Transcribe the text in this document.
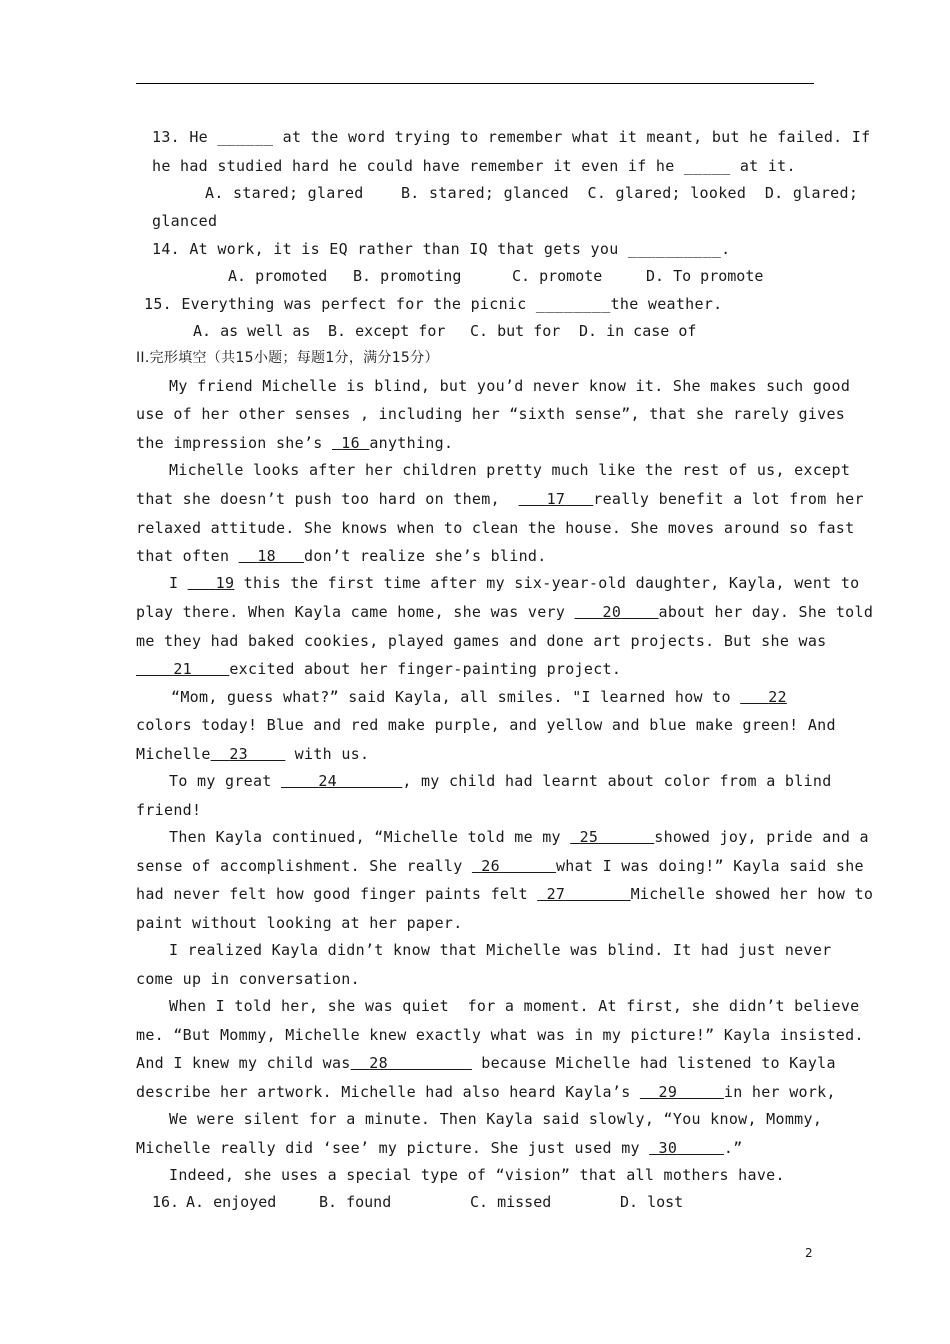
13. He ______ at the word trying to remember what it meant, but he failed. If
he had studied hard he could have remember it even if he _____ at it.
A. stared; glared    B. stared; glanced  C. glared; looked  D. glared;
glanced
14. At work, it is EQ rather than IQ that gets you __________.
A. promoted B. promoting	C. promote	D. To promote
15. Everything was perfect for the picnic ________the weather.
A. as well as B. except for C. but for D. in case of
II.完形填空（共15小题；每题1分，满分15分）
My friend Michelle is blind, but you’d never know it. She makes such good
use of her other senses , including her “sixth sense”, that she rarely gives
the impression she’s  16 anything.
Michelle looks after her children pretty much like the rest of us, except
that she doesn’t push too hard on them,     17 really benefit a lot from her
relaxed attitude. She knows when to clean the house. She moves around so fast
that often   18 don’t realize she’s blind.
I    19 this the first time after my six-year-old daughter, Kayla, went to
play there. When Kayla came home, she was very    20 about her day. She told
me they had baked cookies, played games and done art projects. But she was
21 excited about her finger-painting project.
“Mom, guess what?” said Kayla, all smiles. "I learned how to    22
colors today! Blue and red make purple, and yellow and blue make green! And
Michelle 23     with us.
To my great     24	, my child had learnt about color from a blind
friend!
Then Kayla continued, “Michelle told me my  25	showed joy, pride and a
sense of accomplishment. She really  26	what I was doing!” Kayla said she
had never felt how good finger paints felt  27	Michelle showed her how to
paint without looking at her paper.
I realized Kayla didn’t know that Michelle was blind. It had just never
come up in conversation.
When I told her, she was quiet  for a moment. At first, she didn’t believe
me. “But Mommy, Michelle knew exactly what was in my picture!” Kayla insisted.
And I knew my child was 28	because Michelle had listened to Kayla
describe her artwork. Michelle had also heard Kayla’s   29	in her work,
We were silent for a minute. Then Kayla said slowly, “You know, Mommy,
Michelle really did ‘see’ my picture. She just used my  30	.”
Indeed, she uses a special type of “vision” that all mothers have.
16. A. enjoyed	B. found	C. missed	D. lost
2
